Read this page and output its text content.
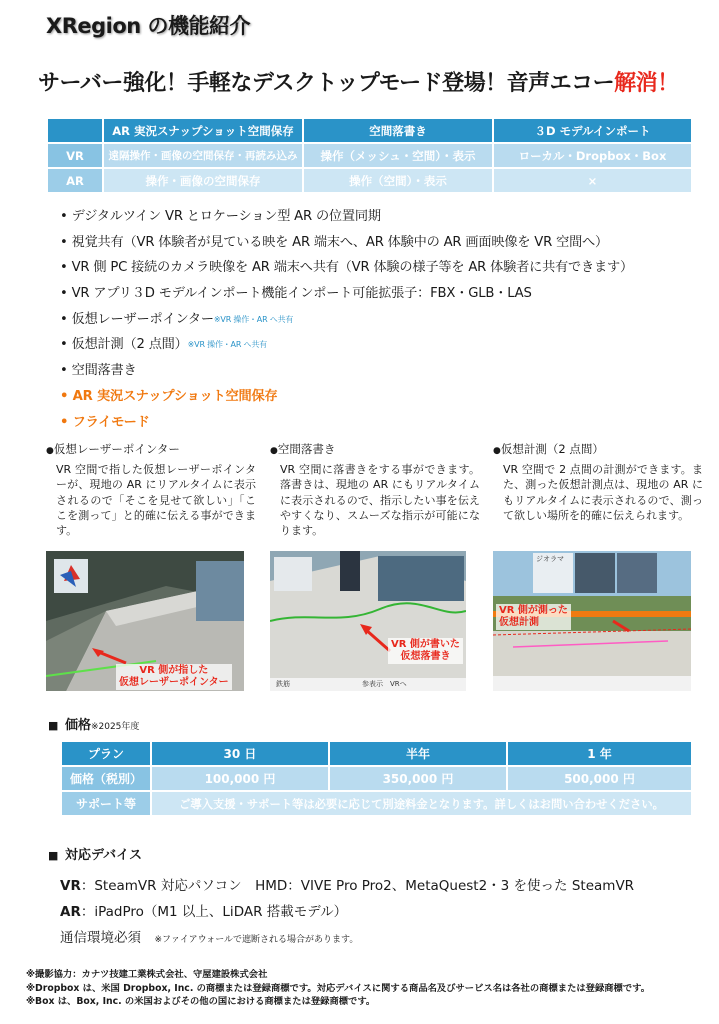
XRegion の機能紹介
サーバー強化！手軽なデスクトップモード登場！音声エコー解消！
	AR 実況スナップショット空間保存	空間落書き	３D モデルインポート
VR	遠隔操作・画像の空間保存・再読み込み	操作（メッシュ・空間）・表示	ローカル・Dropbox・Box
AR	操作・画像の空間保存	操作（空間）・表示	×
• デジタルツイン VR とロケーション型 AR の位置同期
• 視覚共有（VR 体験者が見ている映を AR 端末へ、AR 体験中の AR 画面映像を VR 空間へ）
• VR 側 PC 接続のカメラ映像を AR 端末へ共有（VR 体験の様子等を AR 体験者に共有できます）
• VR アプリ３D モデルインポート機能インポート可能拡張子：FBX・GLB・LAS
• 仮想レーザーポインター$^{※VR 操作・AR へ共有}$
• 仮想計測（2 点間）$^{※VR 操作・AR へ共有}$
• 空間落書き
• AR 実況スナップショット空間保存
• フライモード
● 仮想レーザーポインター

VR 空間で指した仮想レーザーポインターが、現地の AR にリアルタイムに表示されるので「そこを見せて欲しい」「ここを測って」と的確に伝える事ができます。

● 空間落書き

VR 空間に落書きをする事ができます。落書きは、現地の AR にもリアルタイムに表示されるので、指示したい事を伝えやすくなり、スムーズな指示が可能になります。

● 仮想計測（2 点間）

VR 空間で 2 点間の計測ができます。また、測った仮想計測点は、現地の AR にもリアルタイムに表示されるので、測って欲しい場所を的確に伝えられます。

VR 側が指した
仮想レーザーポインター
VR 側が書いた
仮想落書き
鉄筋	参表示 VRへ
VR 側が測った
仮想計測
ジオラマ
■ 価格※2025年度
プラン	30 日	半年	1 年
価格（税別）	100,000 円	350,000 円	500,000 円
サポート等	ご導入支援・サポート等は必要に応じて別途料金となります。詳しくはお問い合わせください。		
■ 対応デバイス
VR：SteamVR 対応パソコン　HMD：VIVE Pro Pro2、MetaQuest2・3 を使った SteamVR
AR：iPadPro（M1 以上、LiDAR 搭載モデル）
通信環境必須　 ※ファイアウォールで遮断される場合があります。
※撮影協力：カナツ技建工業株式会社、守屋建設株式会社
※Dropbox は、米国 Dropbox, Inc. の商標または登録商標です。対応デバイスに関する商品名及びサービス名は各社の商標または登録商標です。
※Box は、Box, Inc. の米国およびその他の国における商標または登録商標です。
